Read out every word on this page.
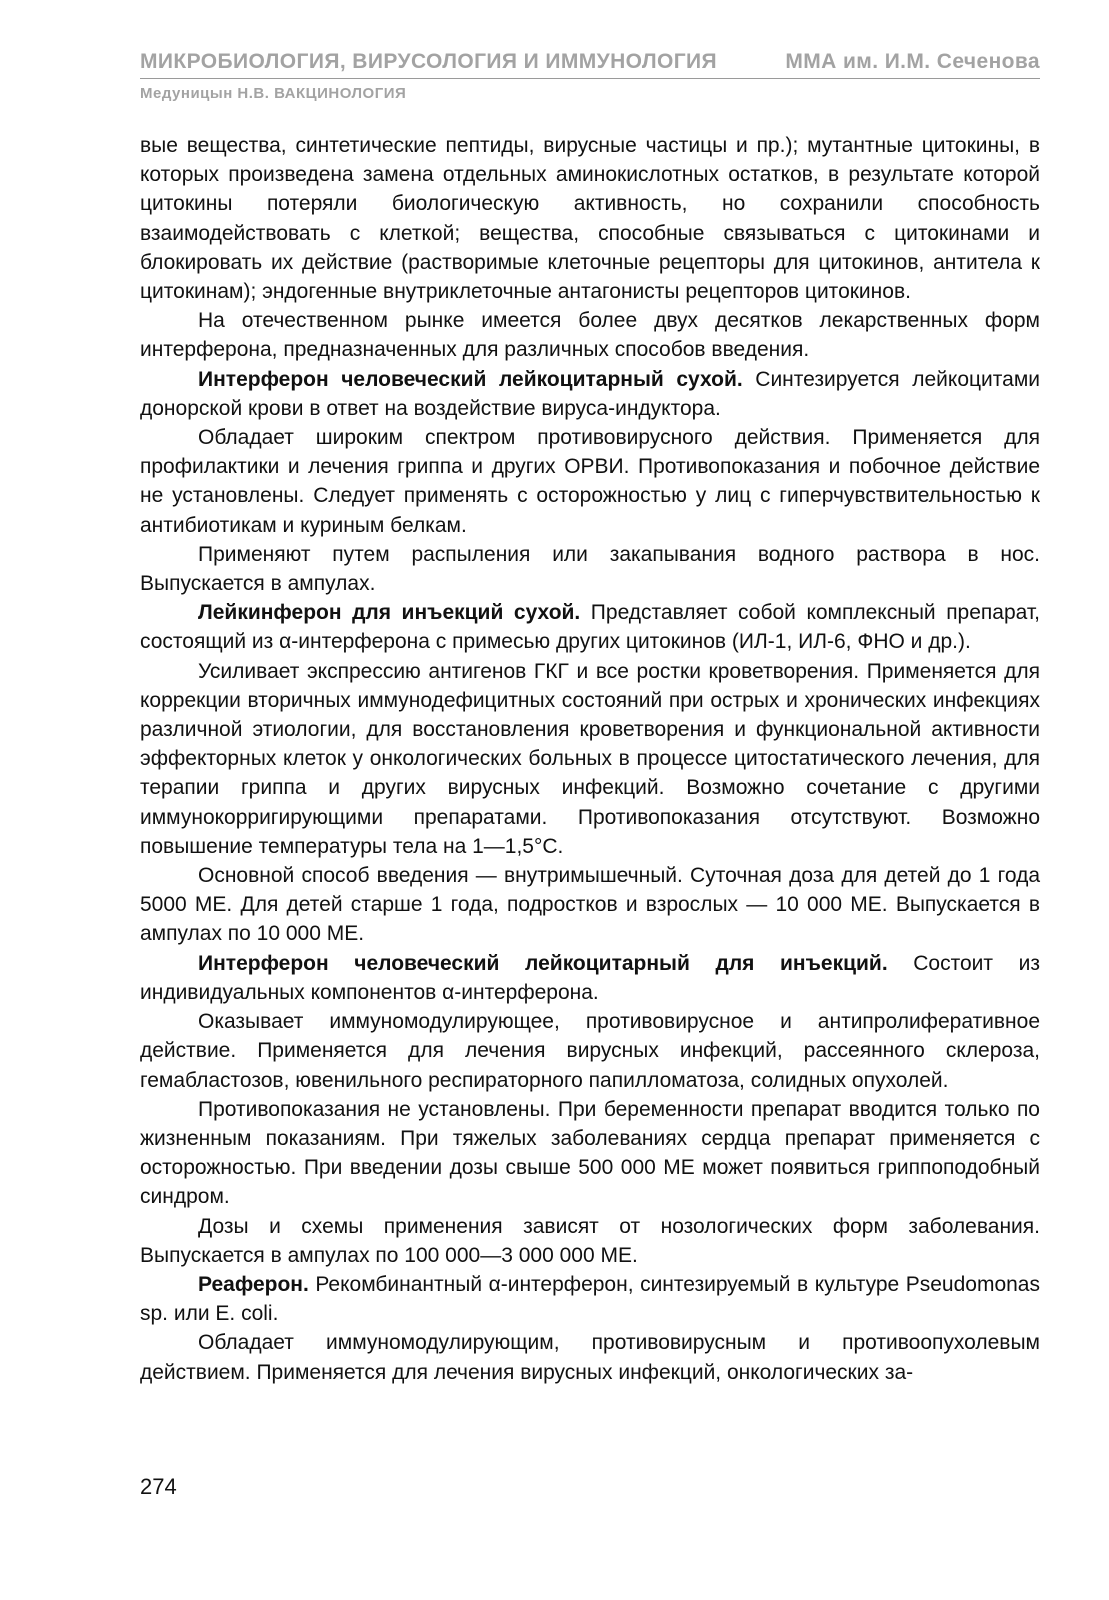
МИКРОБИОЛОГИЯ, ВИРУСОЛОГИЯ И ИММУНОЛОГИЯ	ММА им. И.М. Сеченова
Медуницын Н.В. ВАКЦИНОЛОГИЯ

вые вещества, синтетические пептиды, вирусные частицы и пр.); мутантные цитокины, в которых произведена замена отдельных аминокислотных остатков, в результате которой цитокины потеряли биологическую активность, но сохранили способность взаимодействовать с клеткой; вещества, способные связываться с цитокинами и блокировать их действие (растворимые клеточные рецепторы для цитокинов, антитела к цитокинам); эндогенные внутриклеточные антагонисты рецепторов цитокинов.

На отечественном рынке имеется более двух десятков лекарственных форм интерферона, предназначенных для различных способов введения.

Интерферон человеческий лейкоцитарный сухой. Синтезируется лейкоцитами донорской крови в ответ на воздействие вируса-индуктора.

Обладает широким спектром противовирусного действия. Применяется для профилактики и лечения гриппа и других ОРВИ. Противопоказания и побочное действие не установлены. Следует применять с осторожностью у лиц с гиперчувствительностью к антибиотикам и куриным белкам.

Применяют путем распыления или закапывания водного раствора в нос. Выпускается в ампулах.

Лейкинферон для инъекций сухой. Представляет собой комплексный препарат, состоящий из α-интерферона с примесью других цитокинов (ИЛ-1, ИЛ-6, ФНО и др.).

Усиливает экспрессию антигенов ГКГ и все ростки кроветворения. Применяется для коррекции вторичных иммунодефицитных состояний при острых и хронических инфекциях различной этиологии, для восстановления кроветворения и функциональной активности эффекторных клеток у онкологических больных в процессе цитостатического лечения, для терапии гриппа и других вирусных инфекций. Возможно сочетание с другими иммунокорригирующими препаратами. Противопоказания отсутствуют. Возможно повышение температуры тела на 1—1,5°С.

Основной способ введения — внутримышечный. Суточная доза для детей до 1 года 5000 МЕ. Для детей старше 1 года, подростков и взрослых — 10 000 МЕ. Выпускается в ампулах по 10 000 МЕ.

Интерферон человеческий лейкоцитарный для инъекций. Состоит из индивидуальных компонентов α-интерферона.

Оказывает иммуномодулирующее, противовирусное и антипролиферативное действие. Применяется для лечения вирусных инфекций, рассеянного склероза, гемабластозов, ювенильного респираторного папилломатоза, солидных опухолей.

Противопоказания не установлены. При беременности препарат вводится только по жизненным показаниям. При тяжелых заболеваниях сердца препарат применяется с осторожностью. При введении дозы свыше 500 000 МЕ может появиться гриппоподобный синдром.

Дозы и схемы применения зависят от нозологических форм заболевания. Выпускается в ампулах по 100 000—3 000 000 МЕ.

Реаферон. Рекомбинантный α-интерферон, синтезируемый в культуре Pseudomonas sp. или E. coli.

Обладает иммуномодулирующим, противовирусным и противоопухолевым действием. Применяется для лечения вирусных инфекций, онкологических за-

274
